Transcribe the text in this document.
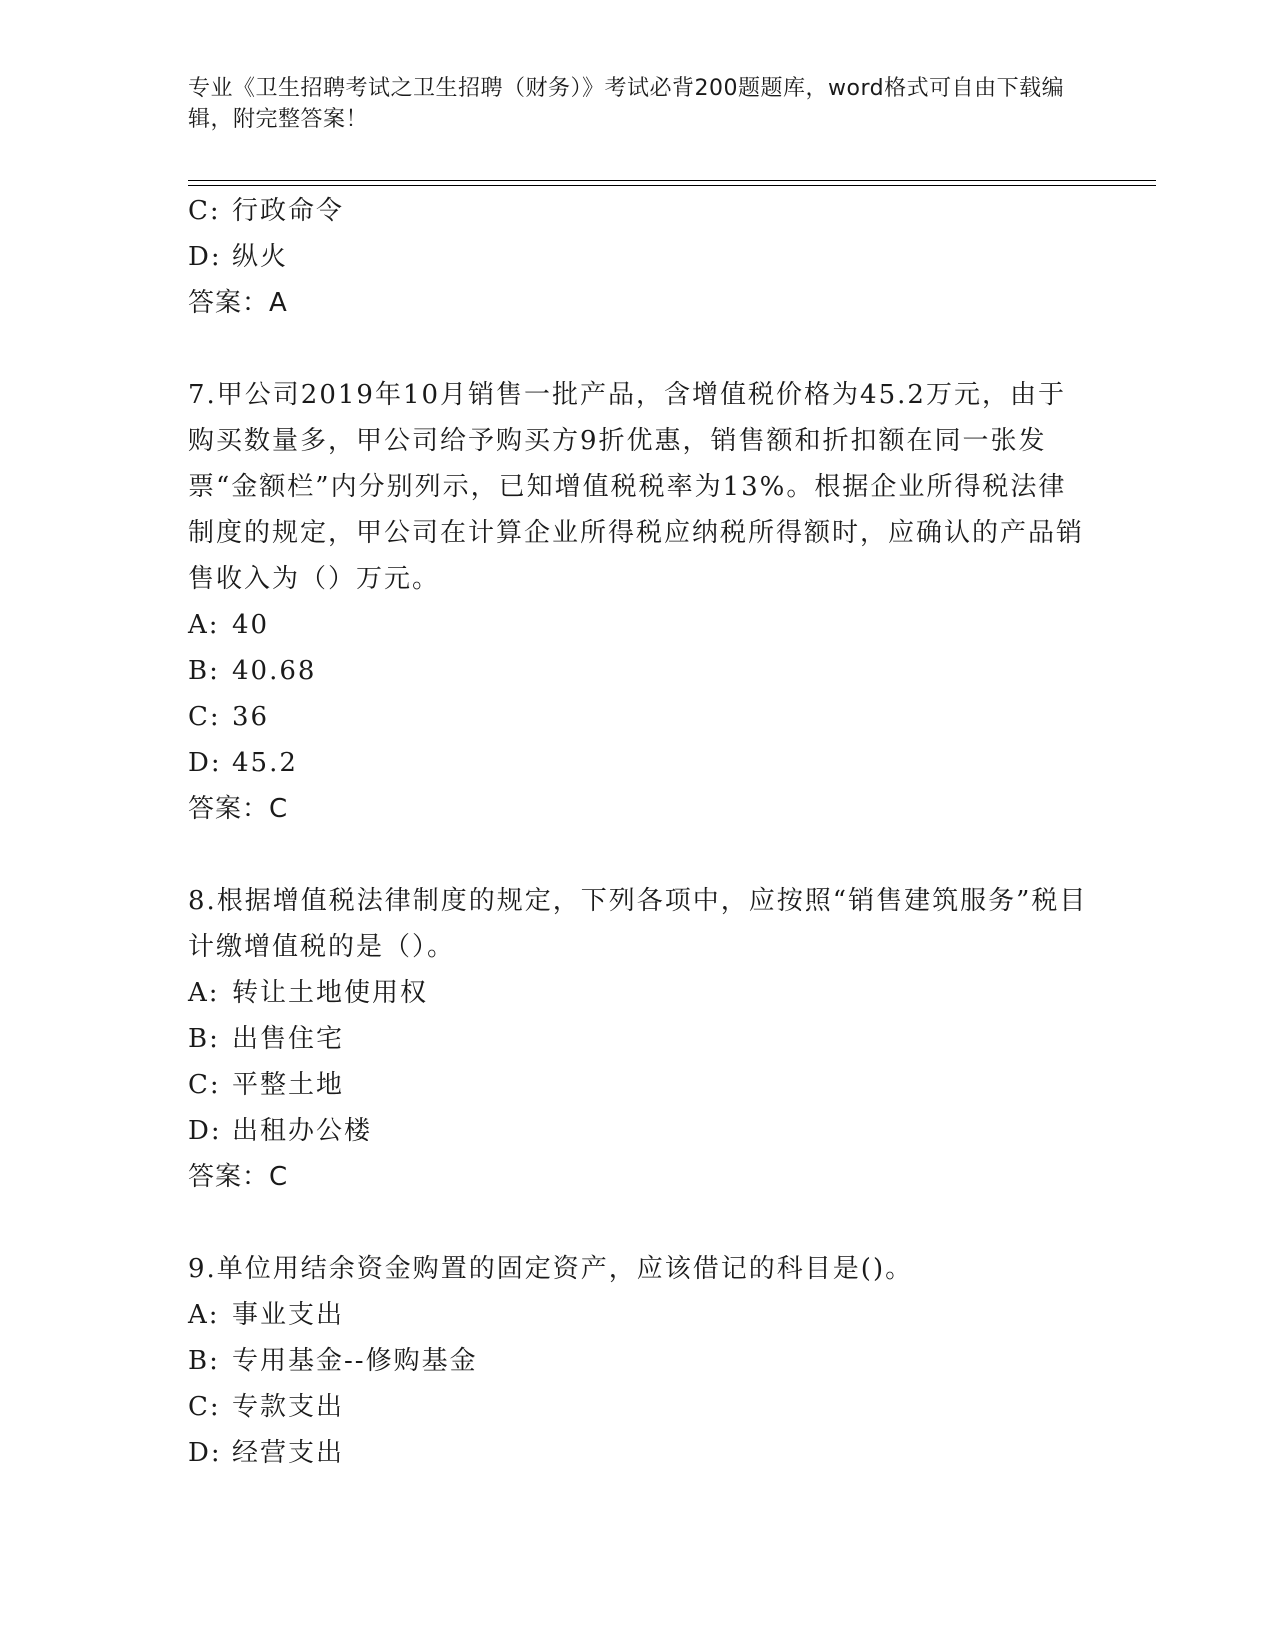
专业《卫生招聘考试之卫生招聘（财务）》考试必背200题题库，word格式可自由下载编辑，附完整答案！
C: 行政命令
D: 纵火
答案：A
7.甲公司2019年10月销售一批产品，含增值税价格为45.2万元，由于购买数量多，甲公司给予购买方9折优惠，销售额和折扣额在同一张发票“金额栏”内分别列示，已知增值税税率为13%。根据企业所得税法律制度的规定，甲公司在计算企业所得税应纳税所得额时，应确认的产品销售收入为（）万元。
A: 40
B: 40.68
C: 36
D: 45.2
答案：C
8.根据增值税法律制度的规定，下列各项中，应按照“销售建筑服务”税目计缴增值税的是（）。
A: 转让土地使用权
B: 出售住宅
C: 平整土地
D: 出租办公楼
答案：C
9.单位用结余资金购置的固定资产，应该借记的科目是()。
A: 事业支出
B: 专用基金--修购基金
C: 专款支出
D: 经营支出
